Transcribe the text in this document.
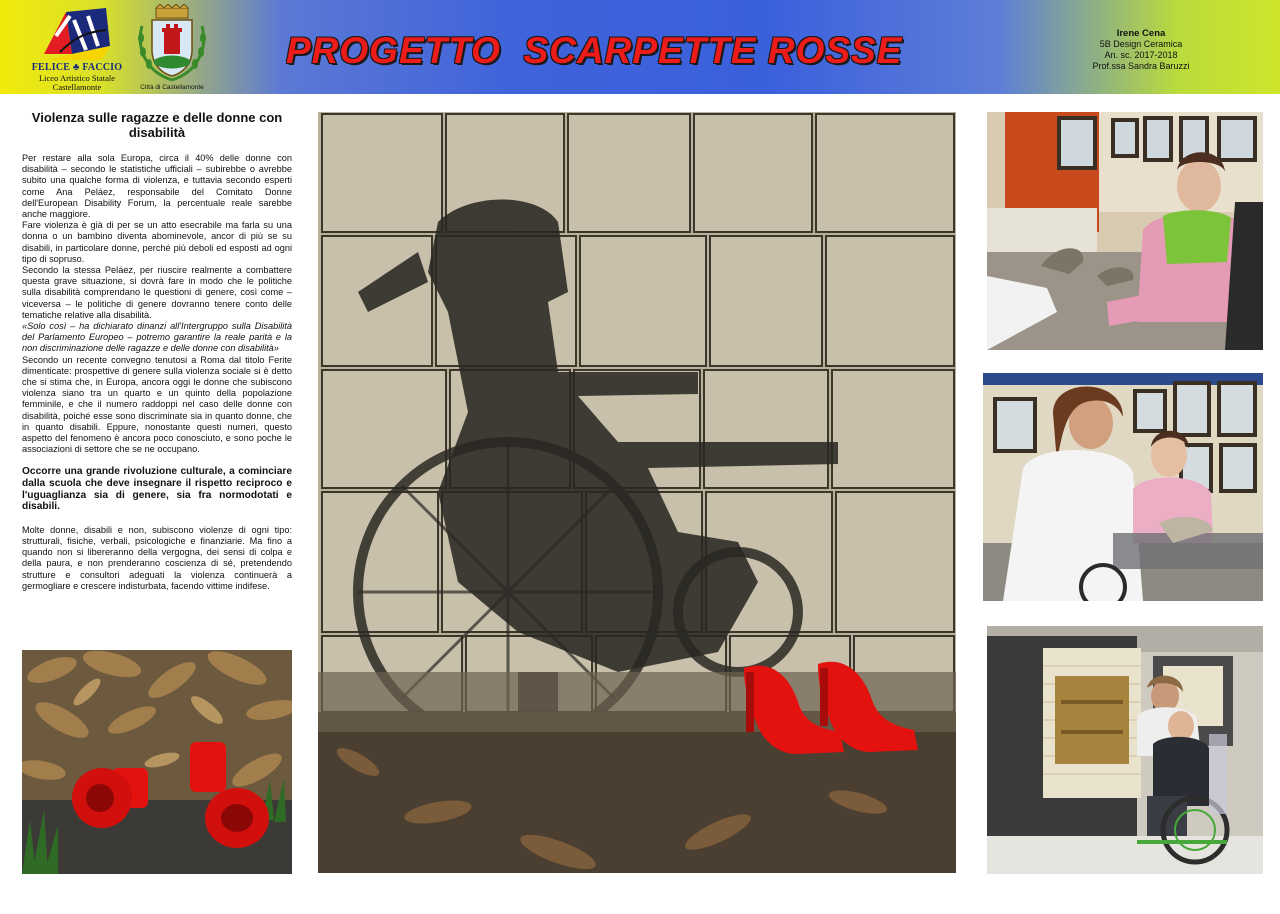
FELICE ♣ FACCIO
Liceo Artistico Statale
Castellamonte	Città di Castellamonte
PROGETTO  SCARPETTE ROSSE	Irene Cena
5B Design Ceramica
An. sc. 2017-2018
Prof.ssa Sandra Baruzzi
Violenza sulle ragazze e delle donne con disabilità

Per restare alla sola Europa, circa il 40% delle donne con disabilità – secondo le statistiche ufficiali – subirebbe o avrebbe subito una qualche forma di violenza, e tuttavia secondo esperti come Ana Peláez, responsabile del Comitato Donne dell'European Disability Forum, la percentuale reale sarebbe anche maggiore.

Fare violenza è già di per se un atto esecrabile ma farla su una donna o un bambino diventa abominevole, ancor di più se su disabili, in particolare donne, perché più deboli ed esposti ad ogni tipo di sopruso.

Secondo la stessa Peláez, per riuscire realmente a combattere questa grave situazione, si dovrà fare in modo che le politiche sulla disabilità comprendano le questioni di genere, così come – viceversa – le politiche di genere dovranno tenere conto delle tematiche relative alla disabilità.

«Solo così – ha dichiarato dinanzi all'Intergruppo sulla Disabilità del Parlamento Europeo – potremo garantire la reale parità e la non discriminazione delle ragazze e delle donne con disabilità»

Secondo un recente convegno tenutosi a Roma dal titolo Ferite dimenticate: prospettive di genere sulla violenza sociale si è detto che si stima che, in Europa, ancora oggi le donne che subiscono violenza siano tra un quarto e un quinto della popolazione femminile, e che il numero raddoppi nel caso delle donne con disabilità, poiché esse sono discriminate sia in quanto donne, che in quanto disabili. Eppure, nonostante questi numeri, questo aspetto del fenomeno è ancora poco conosciuto, e sono poche le associazioni di settore che se ne occupano.

Occorre una grande rivoluzione culturale, a cominciare dalla scuola che deve insegnare il rispetto reciproco e l'uguaglianza sia di genere, sia fra normodotati e disabili.

Molte donne, disabili e non, subiscono violenze di ogni tipo: strutturali, fisiche, verbali, psicologiche e finanziarie. Ma fino a quando non si libereranno della vergogna, dei sensi di colpa e della paura, e non prenderanno coscienza di sé, pretendendo strutture e consultori adeguati la violenza continuerà a germogliare e crescere indisturbata, facendo vittime indifese.
